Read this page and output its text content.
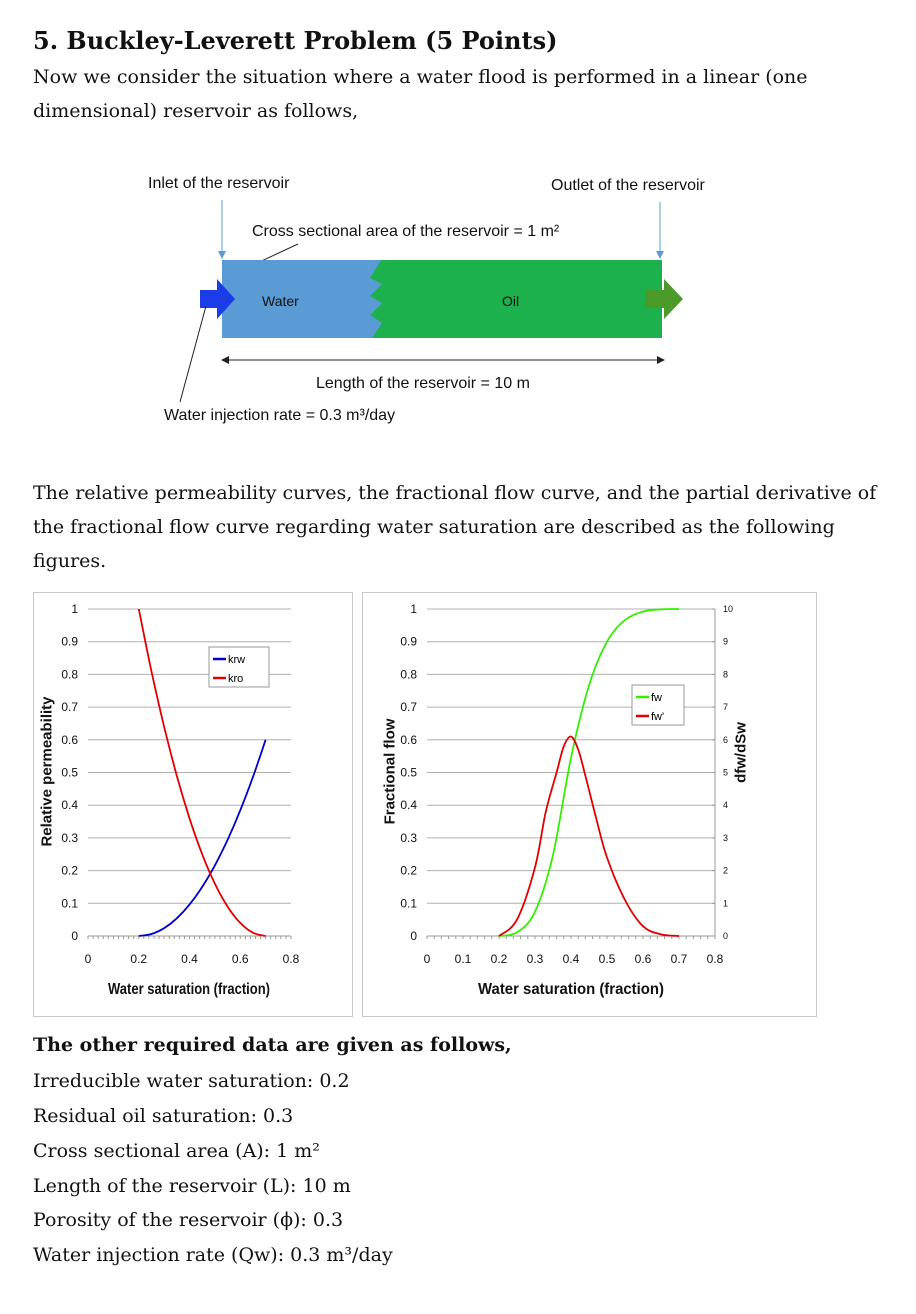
5. Buckley-Leverett Problem (5 Points)
Now we consider the situation where a water flood is performed in a linear (one dimensional) reservoir as follows,
Inlet of the reservoir	Outlet of the reservoir
Cross sectional area of the reservoir = 1 m²
Water	Oil
Length of the reservoir = 10 m
Water injection rate = 0.3 m³/day
The relative permeability curves, the fractional flow curve, and the partial derivative of the fractional flow curve regarding water saturation are described as the following figures.
0
0.1
0.2
0.3
0.4
0.5
0.6
0.7
0.8
0.9
1
0	0.2	0.4	0.6	0.8
krw
kro
Water saturation (fraction)
0
0.1
0.2
0.3
0.4
0.5
0.6
0.7
0.8
0.9
1
0 0.1 0.2 0.3 0.4 0.5 0.6 0.7 0.8
0
1
2
3
4
5
6
7
8
9
10
fw
fw'
Water saturation (fraction)
Relative permeability	Fractional flow	dfw/dSw
The other required data are given as follows,
Irreducible water saturation: 0.2
Residual oil saturation: 0.3
Cross sectional area (A): 1 m²
Length of the reservoir (L): 10 m
Porosity of the reservoir (ϕ): 0.3
Water injection rate (Qw): 0.3 m³/day
